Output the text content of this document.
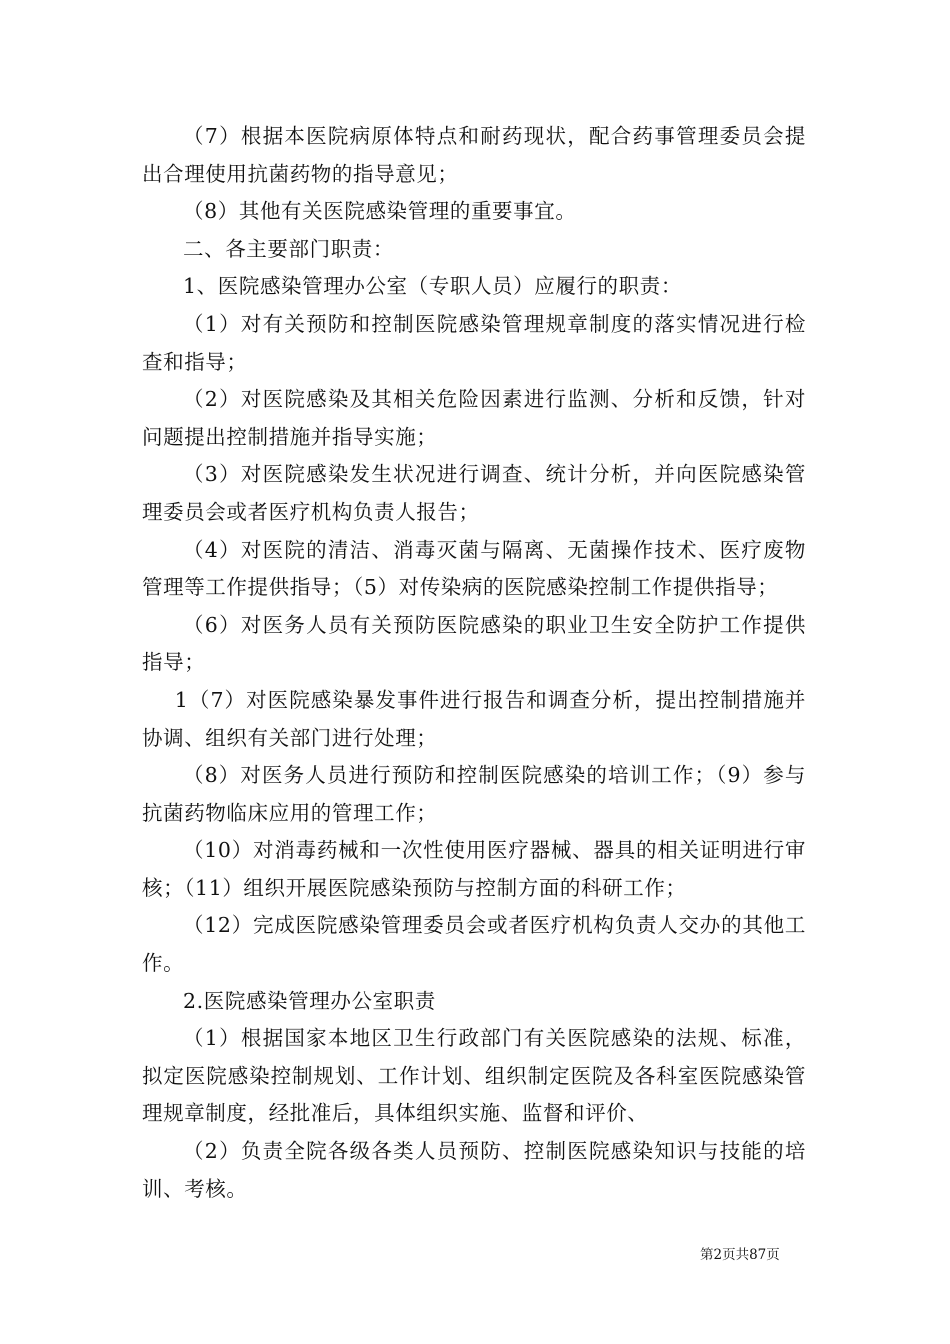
（7）根据本医院病原体特点和耐药现状，配合药事管理委员会提出合理使用抗菌药物的指导意见；

（8）其他有关医院感染管理的重要事宜。

二、各主要部门职责：

1、医院感染管理办公室（专职人员）应履行的职责：

（1）对有关预防和控制医院感染管理规章制度的落实情况进行检查和指导；

（2）对医院感染及其相关危险因素进行监测、分析和反馈，针对问题提出控制措施并指导实施；

（3）对医院感染发生状况进行调查、统计分析，并向医院感染管理委员会或者医疗机构负责人报告；

（4）对医院的清洁、消毒灭菌与隔离、无菌操作技术、医疗废物管理等工作提供指导；（5）对传染病的医院感染控制工作提供指导；

（6）对医务人员有关预防医院感染的职业卫生安全防护工作提供指导；

1（7）对医院感染暴发事件进行报告和调查分析，提出控制措施并协调、组织有关部门进行处理；

（8）对医务人员进行预防和控制医院感染的培训工作；（9）参与抗菌药物临床应用的管理工作；

（10）对消毒药械和一次性使用医疗器械、器具的相关证明进行审核；（11）组织开展医院感染预防与控制方面的科研工作；

（12）完成医院感染管理委员会或者医疗机构负责人交办的其他工作。

2.医院感染管理办公室职责

（1）根据国家本地区卫生行政部门有关医院感染的法规、标准，拟定医院感染控制规划、工作计划、组织制定医院及各科室医院感染管理规章制度，经批准后，具体组织实施、监督和评价、

（2）负责全院各级各类人员预防、控制医院感染知识与技能的培训、考核。

第2页共87页
